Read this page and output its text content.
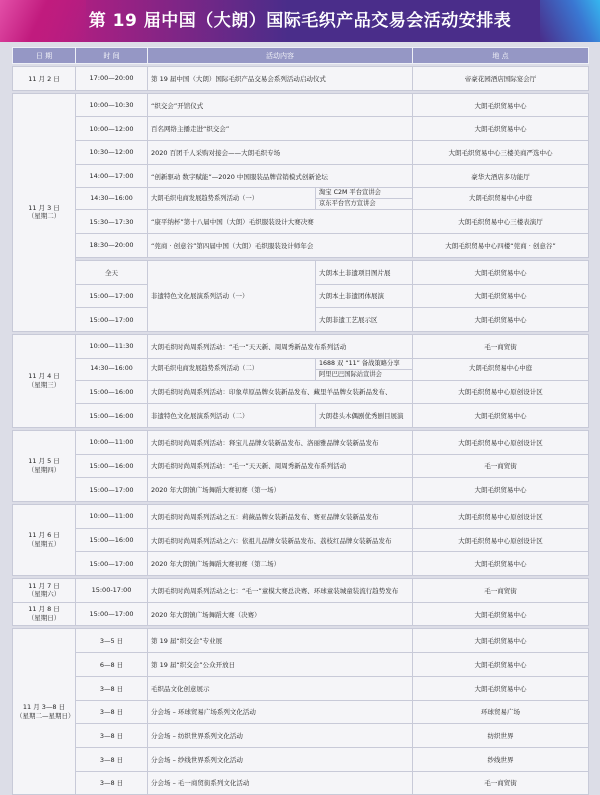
第 19 届中国（大朗）国际毛织产品交易会活动安排表
日 期	时 间	活动内容		地 点

11 月 2 日	17:00—20:00	第 19 届中国（大朗）国际毛织产品交易会系列活动启动仪式		帝豪花园酒店国际宴会厅

11 月 3 日
（星期二）	10:00—10:30	“织交会”开馆仪式		大朗毛织贸易中心
	10:00—12:00	百名网络主播走进“织交会”		大朗毛织贸易中心
	10:30—12:00	2020 百团千人采购对接会——大朗毛织专场		大朗毛织贸易中心三楼美商严选中心
	14:00—17:00	“创新驱动 数字赋能”—2020 中国服装品牌营销模式创新论坛		豪华大酒店多功能厅
	14:30—16:00	大朗毛织电商发展趋势系列活动（一）	淘宝 C2M 平台宣讲会	大朗毛织贸易中心中庭
			京东平台官方宣讲会	
	15:30—17:30	“康平纳杯”第十八届中国（大朗）毛织服装设计大赛决赛		大朗毛织贸易中心三楼表演厅
	18:30—20:00	“莞商 · 创意谷”第四届中国（大朗）毛织服装设计师年会		大朗毛织贸易中心四楼“莞商 · 创意谷”

	全天	非遗特色文化展演系列活动（一）	大朗本土非遗项目图片展	大朗毛织贸易中心
	15:00—17:00		大朗本土非遗团体展演	大朗毛织贸易中心
	15:00—17:00		大朗非遗工艺展示区	大朗毛织贸易中心

11 月 4 日
（星期三）	10:00—11:30	大朗毛织时尚周系列活动：“毛一”天天新、周周秀新品发布系列活动		毛一商贸街
	14:30—16:00	大朗毛织电商发展趋势系列活动（二）	1688 双 “11” 备战策略分享	大朗毛织贸易中心中庭
			阿里巴巴国际站宣讲会	
	15:00—16:00	大朗毛织时尚周系列活动：印象草原品牌女装新品发布、藏里羊品牌女装新品发布、		大朗毛织贸易中心原创设计区
	15:00—16:00	非遗特色文化展演系列活动（二）	大朗巷头木偶剧优秀剧目展演	大朗毛织贸易中心

11 月 5 日
（星期四）	10:00—11:00	大朗毛织时尚周系列活动：释宝儿品牌女装新品发布、洛丽雅品牌女装新品发布		大朗毛织贸易中心原创设计区
	15:00—16:00	大朗毛织时尚周系列活动：“毛一”天天新、周周秀新品发布系列活动		毛一商贸街
	15:00—17:00	2020 年大朗镇广场舞蹈大赛初赛（第一场）		大朗毛织贸易中心

11 月 6 日
（星期五）	10:00—11:00	大朗毛织时尚周系列活动之五：莉薇品牌女装新品发布、赛亚品牌女装新品发布		大朗毛织贸易中心原创设计区
	15:00—16:00	大朗毛织时尚周系列活动之六：依祖儿品牌女装新品发布、荔枝红品牌女装新品发布		大朗毛织贸易中心原创设计区
	15:00—17:00	2020 年大朗镇广场舞蹈大赛初赛（第二场）		大朗毛织贸易中心

11 月 7 日
（星期六）	15:00-17:00	大朗毛织时尚周系列活动之七：“毛一”童模大赛总决赛、环球童装城童装流行趋势发布		毛一商贸街
11 月 8 日
（星期日）	15:00—17:00	2020 年大朗镇广场舞蹈大赛（决赛）		大朗毛织贸易中心

11 月 3—8 日
（星期二—星期日）	3—5 日	第 19 届“织交会”专业展		大朗毛织贸易中心
	6—8 日	第 19 届“织交会”公众开放日		大朗毛织贸易中心
	3—8 日	毛织品文化创意展示		大朗毛织贸易中心
	3—8 日	分会场 – 环球贸易广场系列文化活动		环球贸易广场
	3—8 日	分会场 – 纺织世界系列文化活动		纺织世界
	3—8 日	分会场 – 纱线世界系列文化活动		纱线世界
	3—8 日	分会场 – 毛一商贸街系列文化活动		毛一商贸街
